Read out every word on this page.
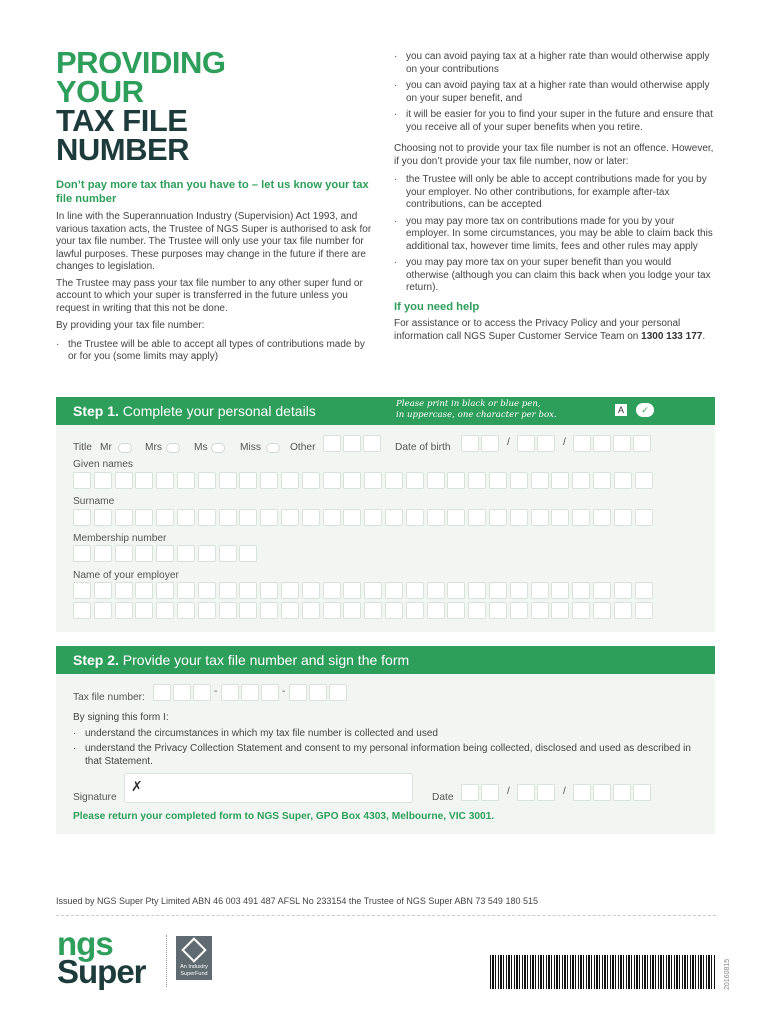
PROVIDING
YOUR
TAX FILE
NUMBER
Don’t pay more tax than you have to – let us know your tax file number
In line with the Superannuation Industry (Supervision) Act 1993, and various taxation acts, the Trustee of NGS Super is authorised to ask for your tax file number. The Trustee will only use your tax file number for lawful purposes. These purposes may change in the future if there are changes to legislation.
The Trustee may pass your tax file number to any other super fund or account to which your super is transferred in the future unless you request in writing that this not be done.
By providing your tax file number:
· the Trustee will be able to accept all types of contributions made by or for you (some limits may apply)
· you can avoid paying tax at a higher rate than would otherwise apply on your contributions
· you can avoid paying tax at a higher rate than would otherwise apply on your super benefit, and
· it will be easier for you to find your super in the future and ensure that you receive all of your super benefits when you retire.
Choosing not to provide your tax file number is not an offence. However, if you don’t provide your tax file number, now or later:
· the Trustee will only be able to accept contributions made for you by your employer. No other contributions, for example after-tax contributions, can be accepted
· you may pay more tax on contributions made for you by your employer. In some circumstances, you may be able to claim back this additional tax, however time limits, fees and other rules may apply
· you may pay more tax on your super benefit than you would otherwise (although you can claim this back when you lodge your tax return).
If you need help
For assistance or to access the Privacy Policy and your personal information call NGS Super Customer Service Team on 1300 133 177.
Step 1. Complete your personal details	Please print in black or blue pen,
in uppercase, one character per box.	A	✓
Title Mr	Mrs	Ms	Miss	Other	Date of birth	/	/
Given names
Surname
Membership number
Name of your employer
Step 2. Provide your tax file number and sign the form
Tax file number:
-	-
By signing this form I:
· understand the circumstances in which my tax file number is collected and used
· understand the Privacy Collection Statement and consent to my personal information being collected, disclosed and used as described in that Statement.
Signature
✗
Date
/	/
Please return your completed form to NGS Super, GPO Box 4303, Melbourne, VIC 3001.
Issued by NGS Super Pty Limited ABN 46 003 491 487 AFSL No 233154 the Trustee of NGS Super ABN 73 549 180 515
ngs
Super	An Industry
SuperFund	20160815
